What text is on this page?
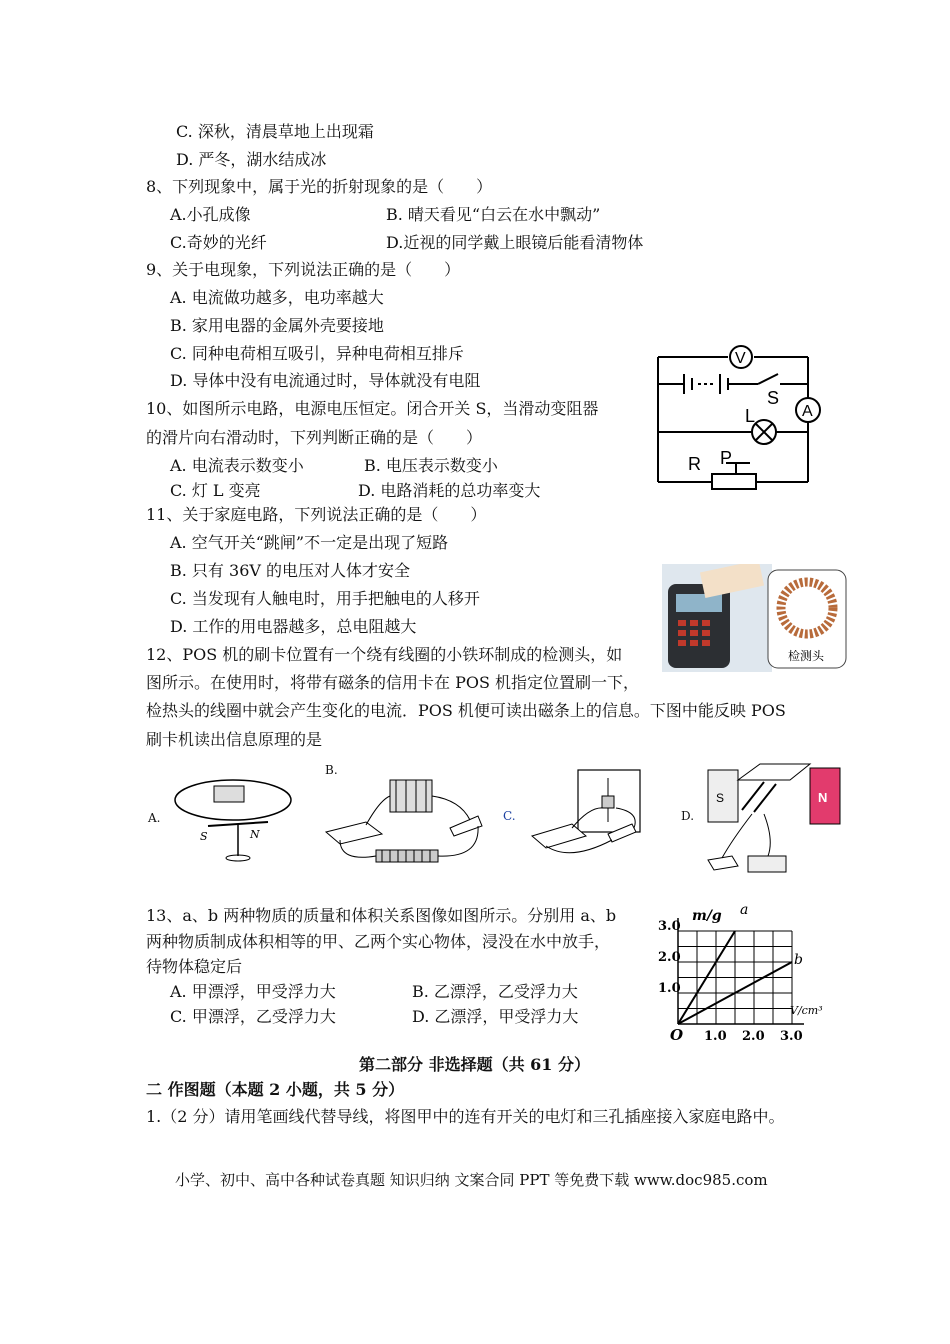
C. 深秋，清晨草地上出现霜
D. 严冬，湖水结成冰
8、下列现象中，属于光的折射现象的是（　　）
A.小孔成像	B. 晴天看见“白云在水中飘动”
C.奇妙的光纤	D.近视的同学戴上眼镜后能看清物体
9、关于电现象，下列说法正确的是（　　）
A. 电流做功越多，电功率越大
B. 家用电器的金属外壳要接地
C. 同种电荷相互吸引，异种电荷相互排斥
D. 导体中没有电流通过时，导体就没有电阻
10、如图所示电路，电源电压恒定。闭合开关 S，当滑动变阻器
的滑片向右滑动时，下列判断正确的是（　　）
A. 电流表示数变小	B. 电压表示数变小
C. 灯 L 变亮	D. 电路消耗的总功率变大
V
A
S
L
R P
11、关于家庭电路，下列说法正确的是（　　）
A. 空气开关“跳闸”不一定是出现了短路
B. 只有 36V 的电压对人体才安全
C. 当发现有人触电时，用手把触电的人移开
D. 工作的用电器越多，总电阻越大
检测头
12、POS 机的刷卡位置有一个绕有线圈的小铁环制成的检测头，如
图所示。在使用时，将带有磁条的信用卡在 POS 机指定位置刷一下，
检热头的线圈中就会产生变化的电流．POS 机便可读出磁条上的信息。下图中能反映 POS
刷卡机读出信息原理的是
A.
S	N
B.
C.	D.
S	N
13、a、b 两种物质的质量和体积关系图像如图所示。分别用 a、b
两种物质制成体积相等的甲、乙两个实心物体，浸没在水中放手，
待物体稳定后
A. 甲漂浮，甲受浮力大	B. 乙漂浮，乙受浮力大
C. 甲漂浮，乙受浮力大	D. 乙漂浮，甲受浮力大
m/g
V/cm³
O
1.0
2.0
3.0
1.0 2.0 3.0
a
b
第二部分 非选择题（共 61 分）
二 作图题（本题 2 小题，共 5 分）
1.（2 分）请用笔画线代替导线，将图甲中的连有开关的电灯和三孔插座接入家庭电路中。
小学、初中、高中各种试卷真题 知识归纳 文案合同 PPT 等免费下载 www.doc985.com
